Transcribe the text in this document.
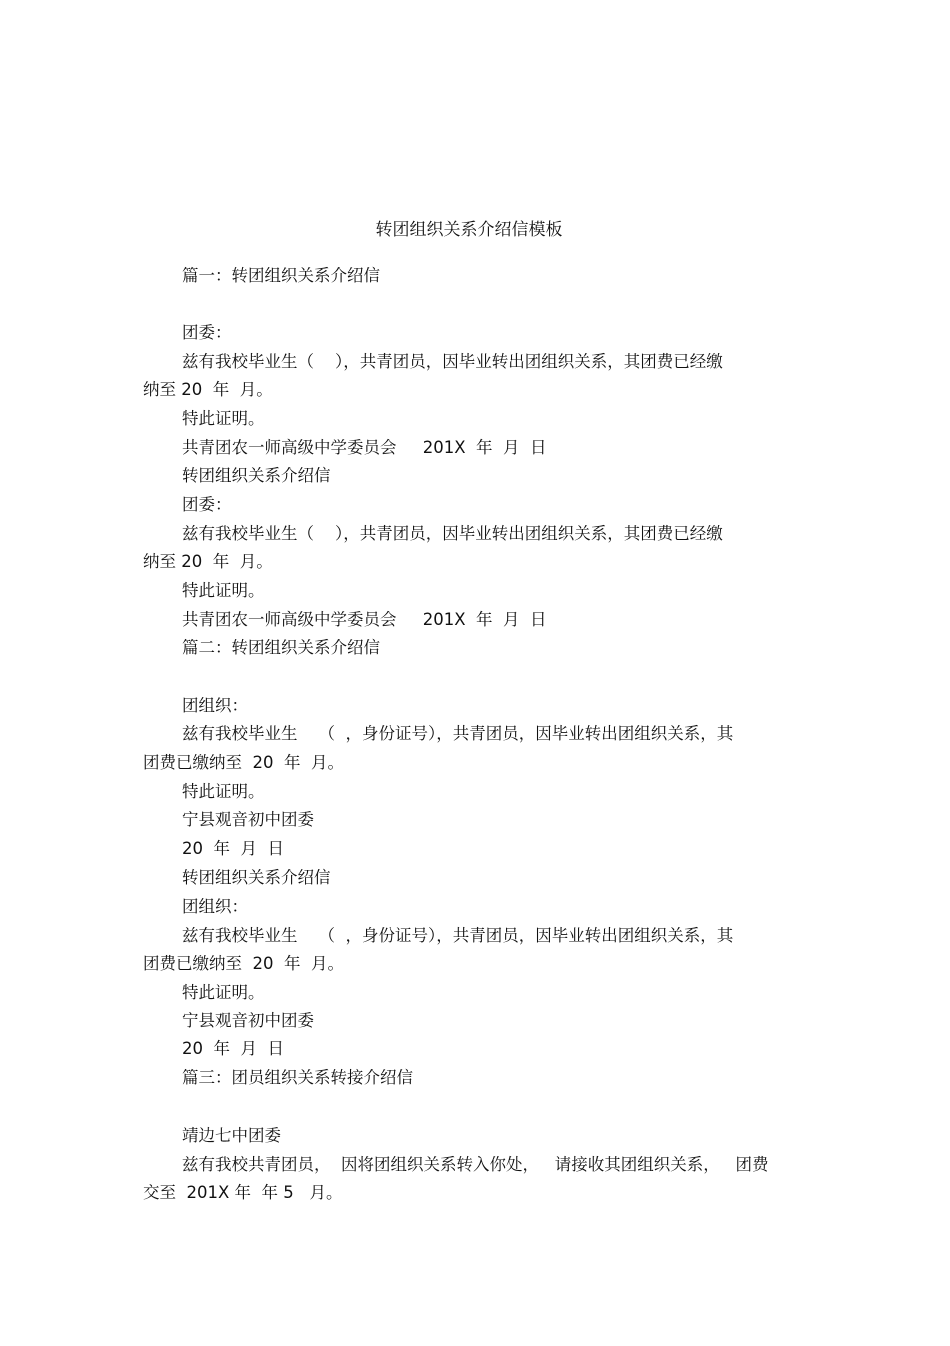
转团组织关系介绍信模板

篇一：转团组织关系介绍信

团委：

兹有我校毕业生（    ），共青团员，因毕业转出团组织关系，其团费已经缴

纳至 20  年  月。

特此证明。

共青团农一师高级中学委员会     201X  年  月  日

转团组织关系介绍信

团委：

兹有我校毕业生（    ），共青团员，因毕业转出团组织关系，其团费已经缴

纳至 20  年  月。

特此证明。

共青团农一师高级中学委员会     201X  年  月  日

篇二：转团组织关系介绍信

团组织：

兹有我校毕业生    （  ，身份证号），共青团员，因毕业转出团组织关系，其

团费已缴纳至  20  年  月。

特此证明。

宁县观音初中团委

20  年  月  日

转团组织关系介绍信

团组织：

兹有我校毕业生    （  ，身份证号），共青团员，因毕业转出团组织关系，其

团费已缴纳至  20  年  月。

特此证明。

宁县观音初中团委

20  年  月  日

篇三：团员组织关系转接介绍信

靖边七中团委

兹有我校共青团员，  因将团组织关系转入你处，   请接收其团组织关系，   团费

交至  201X 年  年 5   月。
